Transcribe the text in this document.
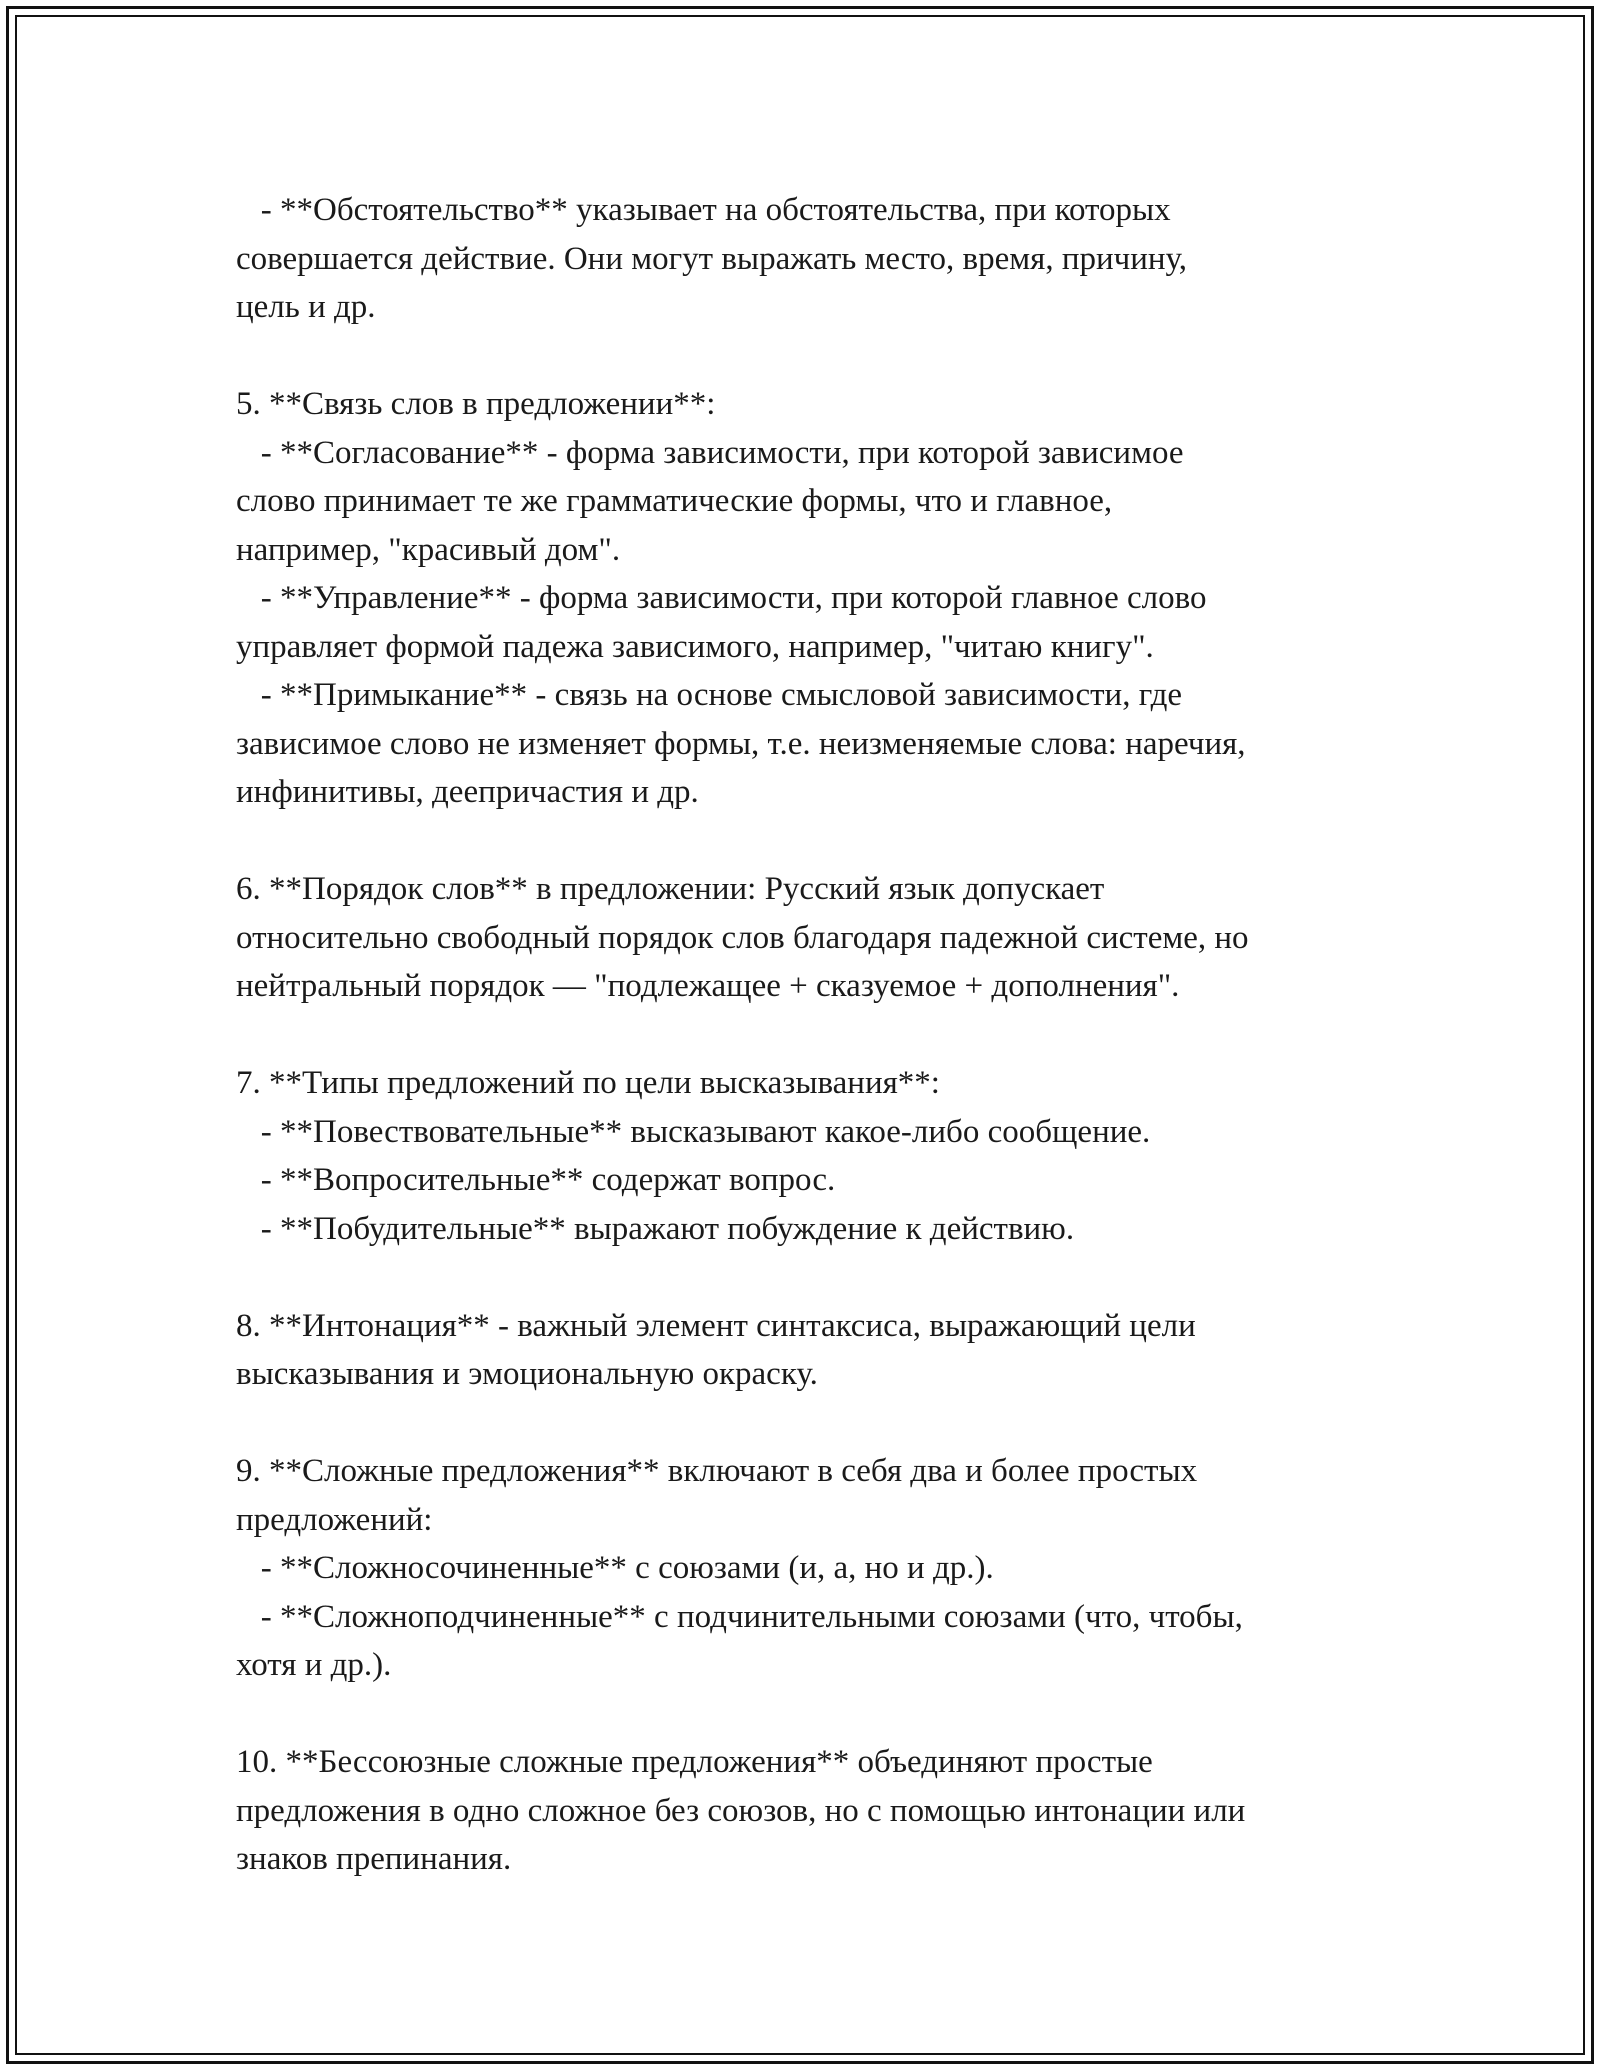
- **Обстоятельство** указывает на обстоятельства, при которых

совершается действие. Они могут выражать место, время, причину,

цель и др.

5. **Связь слов в предложении**:

- **Согласование** - форма зависимости, при которой зависимое

слово принимает те же грамматические формы, что и главное,

например, "красивый дом".

- **Управление** - форма зависимости, при которой главное слово

управляет формой падежа зависимого, например, "читаю книгу".

- **Примыкание** - связь на основе смысловой зависимости, где

зависимое слово не изменяет формы, т.е. неизменяемые слова: наречия,

инфинитивы, деепричастия и др.

6. **Порядок слов** в предложении: Русский язык допускает

относительно свободный порядок слов благодаря падежной системе, но

нейтральный порядок — "подлежащее + сказуемое + дополнения".

7. **Типы предложений по цели высказывания**:

- **Повествовательные** высказывают какое-либо сообщение.

- **Вопросительные** содержат вопрос.

- **Побудительные** выражают побуждение к действию.

8. **Интонация** - важный элемент синтаксиса, выражающий цели

высказывания и эмоциональную окраску.

9. **Сложные предложения** включают в себя два и более простых

предложений:

- **Сложносочиненные** с союзами (и, а, но и др.).

- **Сложноподчиненные** с подчинительными союзами (что, чтобы,

хотя и др.).

10. **Бессоюзные сложные предложения** объединяют простые

предложения в одно сложное без союзов, но с помощью интонации или

знаков препинания.
